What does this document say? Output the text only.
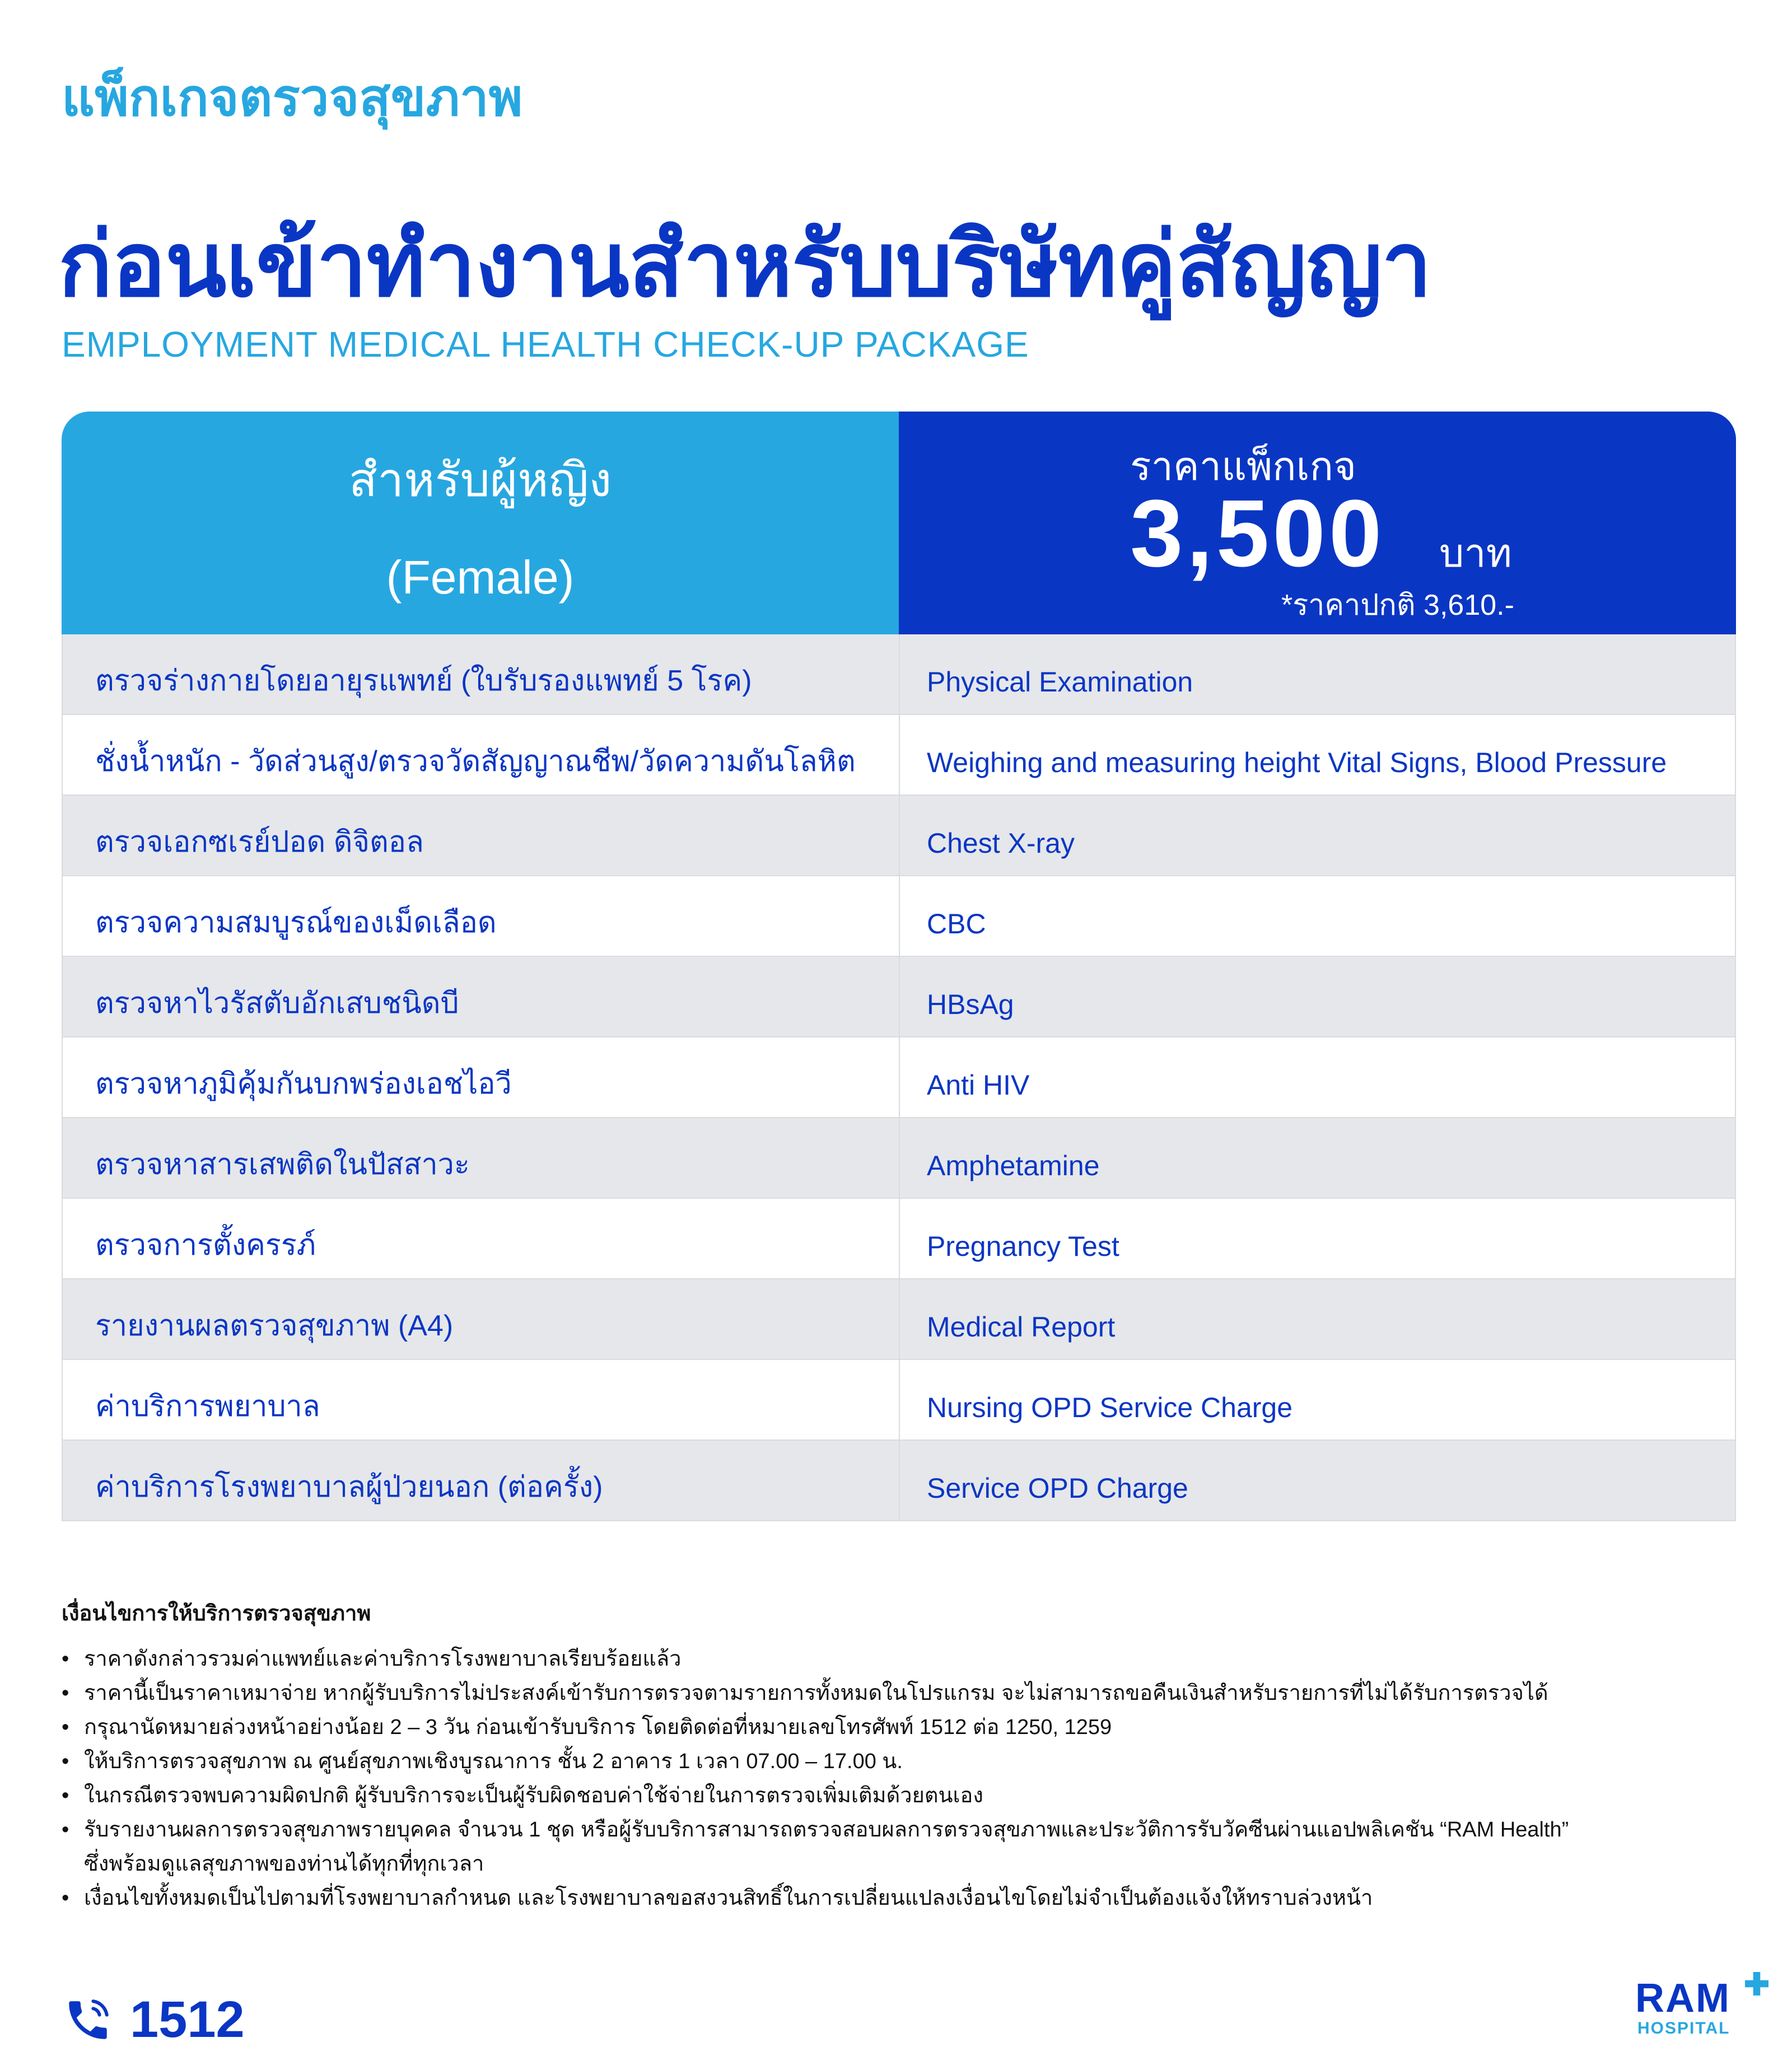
แพ็กเกจตรวจสุขภาพ
ก่อนเข้าทำงานสำหรับบริษัทคู่สัญญา
EMPLOYMENT MEDICAL HEALTH CHECK-UP PACKAGE
สำหรับผู้หญิง
(Female)
ราคาแพ็กเกจ
3,500 บาท
*ราคาปกติ 3,610.-
ตรวจร่างกายโดยอายุรแพทย์ (ใบรับรองแพทย์ 5 โรค)	Physical Examination
ชั่งน้ำหนัก - วัดส่วนสูง/ตรวจวัดสัญญาณชีพ/วัดความดันโลหิต	Weighing and measuring height Vital Signs, Blood Pressure
ตรวจเอกซเรย์ปอด ดิจิตอล	Chest X-ray
ตรวจความสมบูรณ์ของเม็ดเลือด	CBC
ตรวจหาไวรัสตับอักเสบชนิดบี	HBsAg
ตรวจหาภูมิคุ้มกันบกพร่องเอชไอวี	Anti HIV
ตรวจหาสารเสพติดในปัสสาวะ	Amphetamine
ตรวจการตั้งครรภ์	Pregnancy Test
รายงานผลตรวจสุขภาพ (A4)	Medical Report
ค่าบริการพยาบาล	Nursing OPD Service Charge
ค่าบริการโรงพยาบาลผู้ป่วยนอก (ต่อครั้ง)	Service OPD Charge
เงื่อนไขการให้บริการตรวจสุขภาพ
• ราคาดังกล่าวรวมค่าแพทย์และค่าบริการโรงพยาบาลเรียบร้อยแล้ว
• ราคานี้เป็นราคาเหมาจ่าย หากผู้รับบริการไม่ประสงค์เข้ารับการตรวจตามรายการทั้งหมดในโปรแกรม จะไม่สามารถขอคืนเงินสำหรับรายการที่ไม่ได้รับการตรวจได้
• กรุณานัดหมายล่วงหน้าอย่างน้อย 2 – 3 วัน ก่อนเข้ารับบริการ โดยติดต่อที่หมายเลขโทรศัพท์ 1512 ต่อ 1250, 1259
• ให้บริการตรวจสุขภาพ ณ ศูนย์สุขภาพเชิงบูรณาการ ชั้น 2 อาคาร 1 เวลา 07.00 – 17.00 น.
• ในกรณีตรวจพบความผิดปกติ ผู้รับบริการจะเป็นผู้รับผิดชอบค่าใช้จ่ายในการตรวจเพิ่มเติมด้วยตนเอง
• รับรายงานผลการตรวจสุขภาพรายบุคคล จำนวน 1 ชุด หรือผู้รับบริการสามารถตรวจสอบผลการตรวจสุขภาพและประวัติการรับวัคซีนผ่านแอปพลิเคชัน “RAM Health”
ซึ่งพร้อมดูแลสุขภาพของท่านได้ทุกที่ทุกเวลา
• เงื่อนไขทั้งหมดเป็นไปตามที่โรงพยาบาลกำหนด และโรงพยาบาลขอสงวนสิทธิ์ในการเปลี่ยนแปลงเงื่อนไขโดยไม่จำเป็นต้องแจ้งให้ทราบล่วงหน้า
1512	RAM
HOSPITAL
